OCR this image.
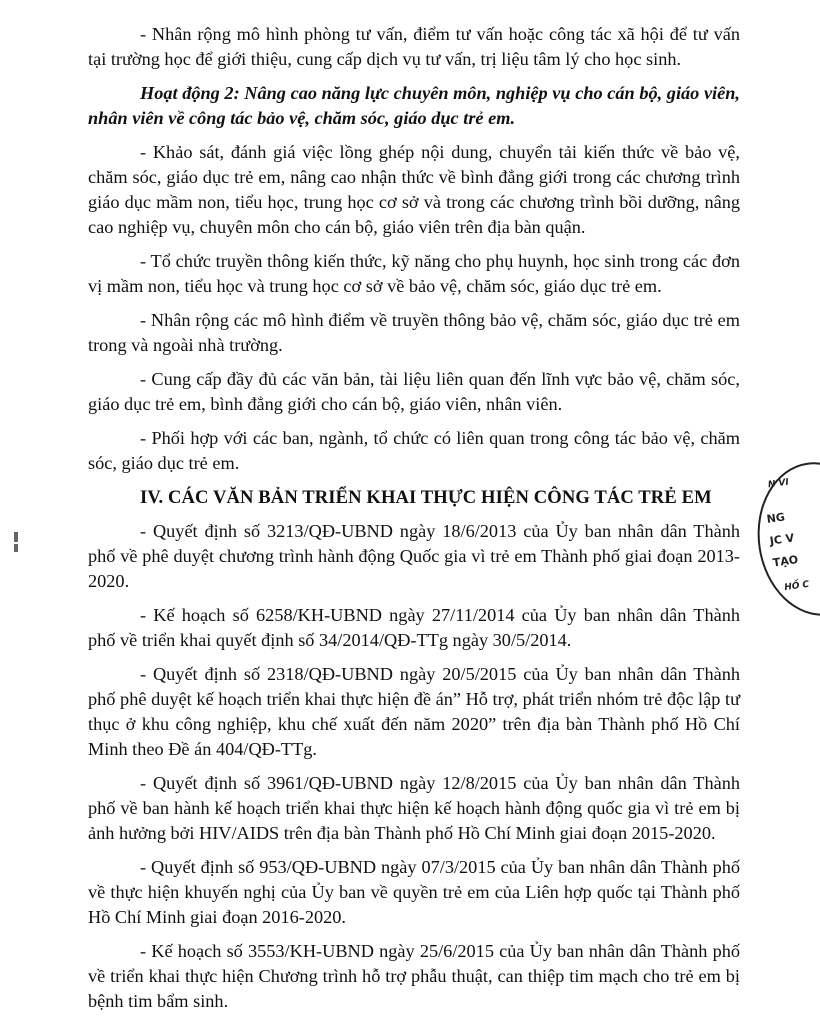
- Nhân rộng mô hình phòng tư vấn, điểm tư vấn hoặc công tác xã hội để tư vấn tại trường học để giới thiệu, cung cấp dịch vụ tư vấn, trị liệu tâm lý cho học sinh.

Hoạt động 2: Nâng cao năng lực chuyên môn, nghiệp vụ cho cán bộ, giáo viên, nhân viên về công tác bảo vệ, chăm sóc, giáo dục trẻ em.

- Khảo sát, đánh giá việc lồng ghép nội dung, chuyển tải kiến thức về bảo vệ, chăm sóc, giáo dục trẻ em, nâng cao nhận thức về bình đẳng giới trong các chương trình giáo dục mầm non, tiểu học, trung học cơ sở và trong các chương trình bồi dưỡng, nâng cao nghiệp vụ, chuyên môn cho cán bộ, giáo viên trên địa bàn quận.

- Tổ chức truyền thông kiến thức, kỹ năng cho phụ huynh, học sinh trong các đơn vị mầm non, tiểu học và trung học cơ sở về bảo vệ, chăm sóc, giáo dục trẻ em.

- Nhân rộng các mô hình điểm về truyền thông bảo vệ, chăm sóc, giáo dục trẻ em trong và ngoài nhà trường.

- Cung cấp đầy đủ các văn bản, tài liệu liên quan đến lĩnh vực bảo vệ, chăm sóc, giáo dục trẻ em, bình đẳng giới cho cán bộ, giáo viên, nhân viên.

- Phối hợp với các ban, ngành, tổ chức có liên quan trong công tác bảo vệ, chăm sóc, giáo dục trẻ em.

IV. CÁC VĂN BẢN TRIỂN KHAI THỰC HIỆN CÔNG TÁC TRẺ EM

- Quyết định số 3213/QĐ-UBND ngày 18/6/2013 của Ủy ban nhân dân Thành phố về phê duyệt chương trình hành động Quốc gia vì trẻ em Thành phố giai đoạn 2013-2020.

- Kế hoạch số 6258/KH-UBND ngày 27/11/2014 của Ủy ban nhân dân Thành phố về triển khai quyết định số 34/2014/QĐ-TTg ngày 30/5/2014.

- Quyết định số 2318/QĐ-UBND ngày 20/5/2015 của Ủy ban nhân dân Thành phố phê duyệt kế hoạch triển khai thực hiện đề án” Hỗ trợ, phát triển nhóm trẻ độc lập tư thục ở khu công nghiệp, khu chế xuất đến năm 2020” trên địa bàn Thành phố Hồ Chí Minh theo Đề án 404/QĐ-TTg.

- Quyết định số 3961/QĐ-UBND ngày 12/8/2015 của Ủy ban nhân dân Thành phố về ban hành kế hoạch triển khai thực hiện kế hoạch hành động quốc gia vì trẻ em bị ảnh hưởng bởi HIV/AIDS trên địa bàn Thành phố Hồ Chí Minh giai đoạn 2015-2020.

- Quyết định số 953/QĐ-UBND ngày 07/3/2015 của Ủy ban nhân dân Thành phố về thực hiện khuyến nghị của Ủy ban về quyền trẻ em của Liên hợp quốc tại Thành phố Hồ Chí Minh giai đoạn 2016-2020.

- Kế hoạch số 3553/KH-UBND ngày 25/6/2015 của Ủy ban nhân dân Thành phố về triển khai thực hiện Chương trình hỗ trợ phẫu thuật, can thiệp tim mạch cho trẻ em bị bệnh tim bẩm sinh.

N VI
NG
JC V
TẠO
HỒ C
